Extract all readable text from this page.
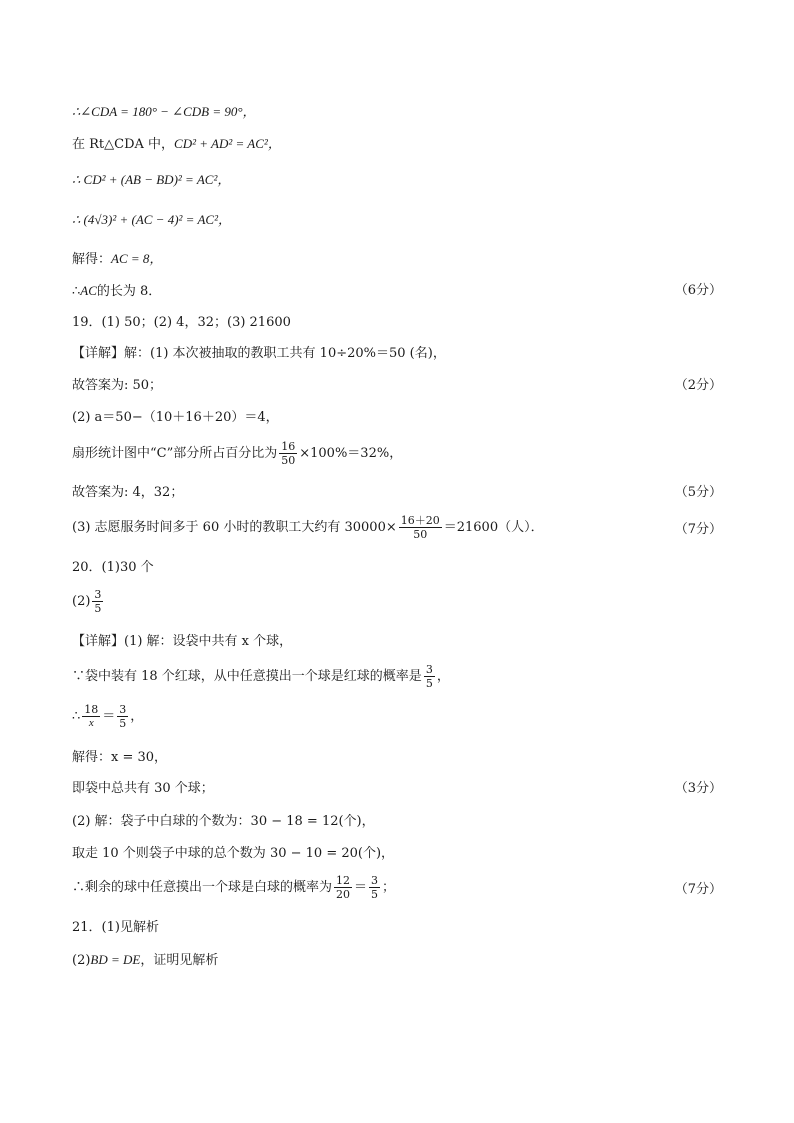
∴∠CDA = 180° − ∠CDB = 90°，
在 Rt△CDA 中，CD² + AD² = AC²，
∴ CD² + (AB − BD)² = AC²，
∴ (4√3)² + (AC − 4)² = AC²，
解得：AC = 8，
∴AC的长为 8．	（6分）
19．(1) 50；(2) 4，32；(3) 21600
【详解】解：(1) 本次被抽取的教职工共有 10÷20%＝50 (名)，
故答案为: 50；	（2分）
(2) a＝50−（10＋16＋20）＝4，
扇形统计图中“C”部分所占百分比为 $\frac{16}{50} \times 100\%=32\%$，
故答案为: 4，32；	（5分）
(3) 志愿服务时间多于 60 小时的教职工大约有 $30000\times \frac{16+20}{50} =21600$（人）．	（7分）
20．(1)30 个
$(2) \frac{3}{5}$
【详解】(1) 解：设袋中共有 x 个球，
∵袋中装有 18 个红球，从中任意摸出一个球是红球的概率是 $\frac{3}{5}$ ，
∴ $\frac{18}{x} = \frac{3}{5}$ ，
解得：x = 30，
即袋中总共有 30 个球；	（3分）
(2) 解：袋子中白球的个数为：30 − 18 = 12(个)，
取走 10 个则袋子中球的总个数为 30 − 10 = 20(个)，
∴剩余的球中任意摸出一个球是白球的概率为 $\frac{12}{20} = \frac{3}{5}$ ；	（7分）
21．(1)见解析
(2)BD = DE，证明见解析
